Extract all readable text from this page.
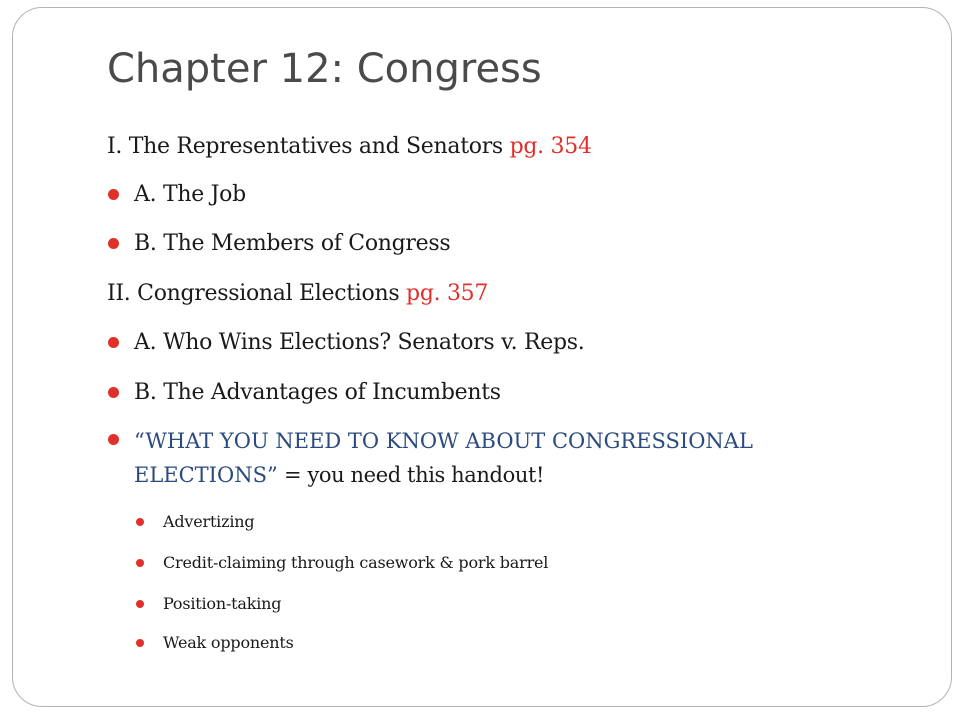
Chapter 12: Congress
I. The Representatives and Senators pg. 354
A. The Job
B. The Members of Congress
II. Congressional Elections pg. 357
A. Who Wins Elections? Senators v. Reps.
B. The Advantages of Incumbents
“WHAT YOU NEED TO KNOW ABOUT CONGRESSIONAL ELECTIONS” = you need this handout!
Advertizing
Credit-claiming through casework & pork barrel
Position-taking
Weak opponents
